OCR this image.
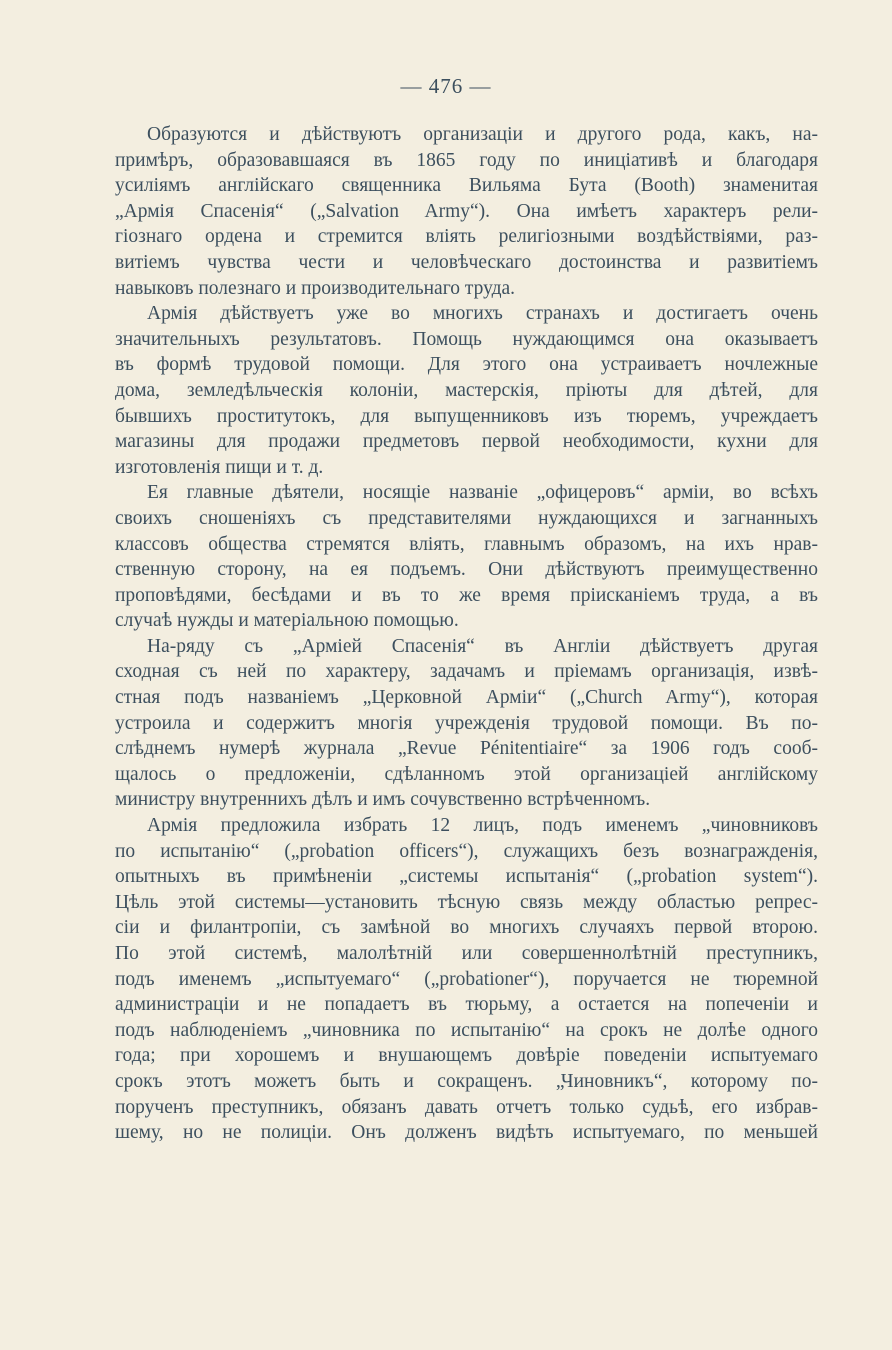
— 476 —
Образуются и дѣйствуютъ организаціи и другого рода, какъ, на-
примѣръ, образовавшаяся въ 1865 году по иниціативѣ и благодаря
усиліямъ англійскаго священника Вильяма Бута (Booth) знаменитая
„Армія Спасенія“ („Salvation Army“). Она имѣетъ характеръ рели-
гіознаго ордена и стремится вліять религіозными воздѣйствіями, раз-
витіемъ чувства чести и человѣческаго достоинства и развитіемъ
навыковъ полезнаго и производительнаго труда.
Армія дѣйствуетъ уже во многихъ странахъ и достигаетъ очень
значительныхъ результатовъ. Помощь нуждающимся она оказываетъ
въ формѣ трудовой помощи. Для этого она устраиваетъ ночлежные
дома, земледѣльческія колоніи, мастерскія, пріюты для дѣтей, для
бывшихъ проститутокъ, для выпущенниковъ изъ тюремъ, учреждаетъ
магазины для продажи предметовъ первой необходимости, кухни для
изготовленія пищи и т. д.
Ея главные дѣятели, носящіе названіе „офицеровъ“ арміи, во всѣхъ
своихъ сношеніяхъ съ представителями нуждающихся и загнанныхъ
классовъ общества стремятся вліять, главнымъ образомъ, на ихъ нрав-
ственную сторону, на ея подъемъ. Они дѣйствуютъ преимущественно
проповѣдями, бесѣдами и въ то же время пріисканіемъ труда, а въ
случаѣ нужды и матеріальною помощью.
На-ряду съ „Арміей Спасенія“ въ Англіи дѣйствуетъ другая
сходная съ ней по характеру, задачамъ и пріемамъ организація, извѣ-
стная подъ названіемъ „Церковной Арміи“ („Church Army“), которая
устроила и содержитъ многія учрежденія трудовой помощи. Въ по-
слѣднемъ нумерѣ журнала „Revue Pénitentiaire“ за 1906 годъ сооб-
щалось о предложеніи, сдѣланномъ этой организаціей англійскому
министру внутреннихъ дѣлъ и имъ сочувственно встрѣченномъ.
Армія предложила избрать 12 лицъ, подъ именемъ „чиновниковъ
по испытанію“ („probation officers“), служащихъ безъ вознагражденія,
опытныхъ въ примѣненіи „системы испытанія“ („probation system“).
Цѣль этой системы—установить тѣсную связь между областью репрес-
сіи и филантропіи, съ замѣной во многихъ случаяхъ первой второю.
По этой системѣ, малолѣтній или совершеннолѣтній преступникъ,
подъ именемъ „испытуемаго“ („probationer“), поручается не тюремной
администраціи и не попадаетъ въ тюрьму, а остается на попеченіи и
подъ наблюденіемъ „чиновника по испытанію“ на срокъ не долѣе одного
года; при хорошемъ и внушающемъ довѣріе поведеніи испытуемаго
срокъ этотъ можетъ быть и сокращенъ. „Чиновникъ“, которому по-
порученъ преступникъ, обязанъ давать отчетъ только судьѣ, его избрав-
шему, но не полиціи. Онъ долженъ видѣть испытуемаго, по меньшей
